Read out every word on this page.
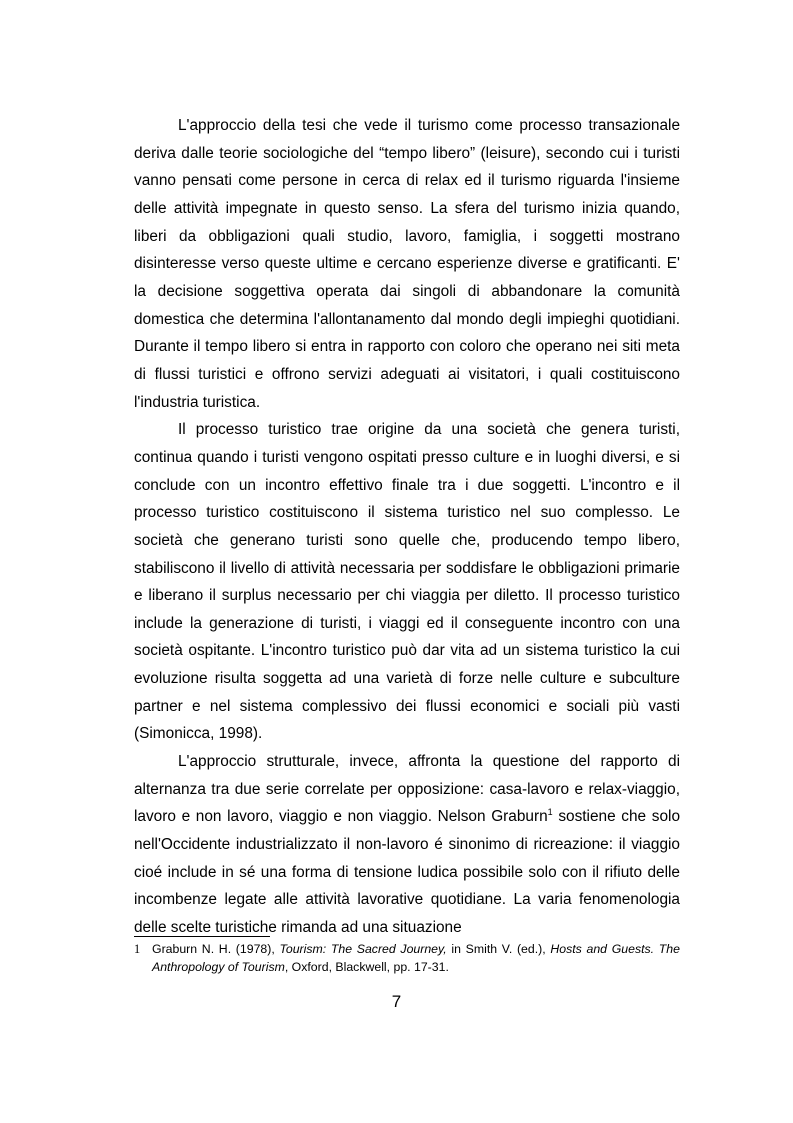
L'approccio della tesi che vede il turismo come processo transazionale deriva dalle teorie sociologiche del “tempo libero” (leisure), secondo cui i turisti vanno pensati come persone in cerca di relax ed il turismo riguarda l'insieme delle attività impegnate in questo senso. La sfera del turismo inizia quando, liberi da obbligazioni quali studio, lavoro, famiglia, i soggetti mostrano disinteresse verso queste ultime e cercano esperienze diverse e gratificanti. E' la decisione soggettiva operata dai singoli di abbandonare la comunità domestica che determina l'allontanamento dal mondo degli impieghi quotidiani. Durante il tempo libero si entra in rapporto con coloro che operano nei siti meta di flussi turistici e offrono servizi adeguati ai visitatori, i quali costituiscono l'industria turistica.

Il processo turistico trae origine da una società che genera turisti, continua quando i turisti vengono ospitati presso culture e in luoghi diversi, e si conclude con un incontro effettivo finale tra i due soggetti. L'incontro e il processo turistico costituiscono il sistema turistico nel suo complesso. Le società che generano turisti sono quelle che, producendo tempo libero, stabiliscono il livello di attività necessaria per soddisfare le obbligazioni primarie e liberano il surplus necessario per chi viaggia per diletto. Il processo turistico include la generazione di turisti, i viaggi ed il conseguente incontro con una società ospitante. L'incontro turistico può dar vita ad un sistema turistico la cui evoluzione risulta soggetta ad una varietà di forze nelle culture e subculture partner e nel sistema complessivo dei flussi economici e sociali più vasti (Simonicca, 1998).

L'approccio strutturale, invece, affronta la questione del rapporto di alternanza tra due serie correlate per opposizione: casa-lavoro e relax-viaggio, lavoro e non lavoro, viaggio e non viaggio. Nelson Graburn$^1$ sostiene che solo nell'Occidente industrializzato il non-lavoro é sinonimo di ricreazione: il viaggio cioé include in sé una forma di tensione ludica possibile solo con il rifiuto delle incombenze legate alle attività lavorative quotidiane. La varia fenomenologia delle scelte turistiche rimanda ad una situazione

1 Graburn N. H. (1978), Tourism: The Sacred Journey, in Smith V. (ed.), Hosts and Guests. The Anthropology of Tourism, Oxford, Blackwell, pp. 17-31.
7
